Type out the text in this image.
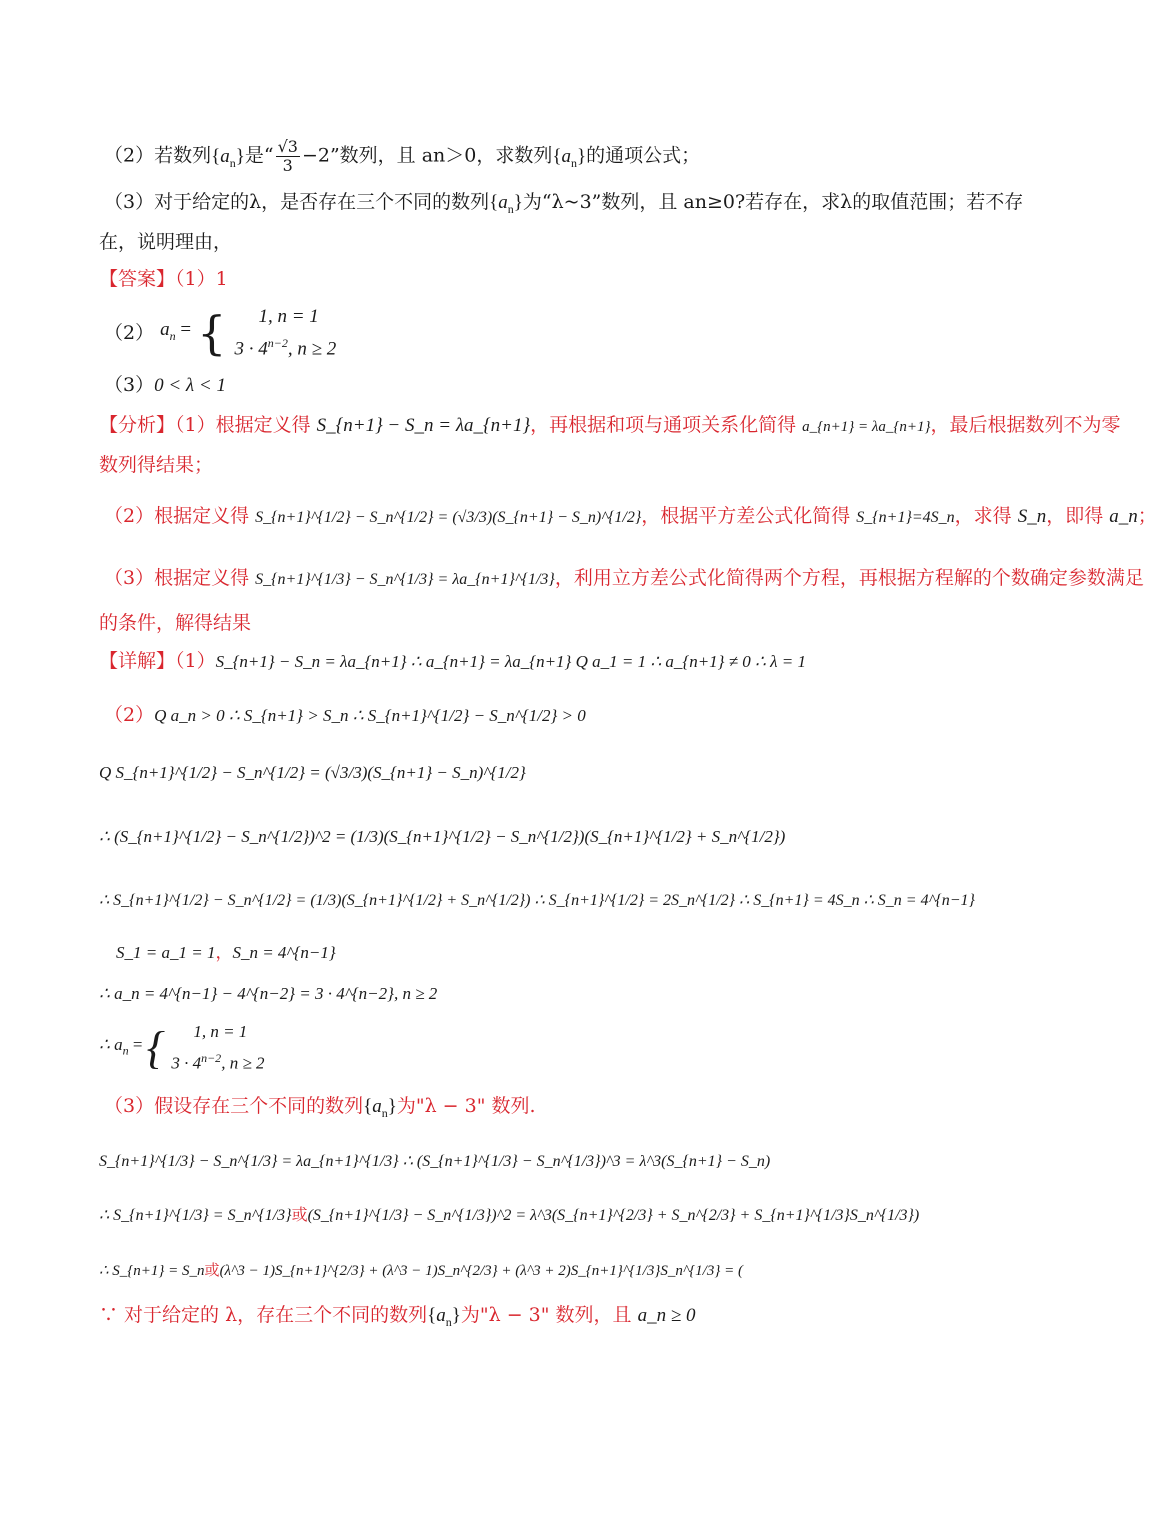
（2）若数列$\{a_n\}$是“ $\frac{√3}{3} -2$”数列，且 an＞0，求数列$\{a_n\}$的通项公式；
（3）对于给定的λ，是否存在三个不同的数列$\{a_n\}$为“λ~3”数列，且 an≥0?若存在，求λ的取值范围；若不存
在，说明理由，
【答案】（1）1
（2） $a_n$ = {	1, n = 1
$3 \cdot 4^{n-2}$, n ≥ 2
（3）0 < λ < 1
【分析】（1）根据定义得 S_{n+1} − S_n = λa_{n+1}，再根据和项与通项关系化简得 a_{n+1} = λa_{n+1}，最后根据数列不为零
数列得结果；
（2）根据定义得 S_{n+1}^{1/2} − S_n^{1/2} = (√3/3)(S_{n+1} − S_n)^{1/2}，根据平方差公式化简得 S_{n+1}=4S_n，求得 S_n，即得 a_n；
（3）根据定义得 S_{n+1}^{1/3} − S_n^{1/3} = λa_{n+1}^{1/3}，利用立方差公式化简得两个方程，再根据方程解的个数确定参数满足
的条件，解得结果
【详解】（1）S_{n+1} − S_n = λa_{n+1} ∴ a_{n+1} = λa_{n+1} Q a_1 = 1 ∴ a_{n+1} ≠ 0 ∴ λ = 1
（2）Q a_n > 0 ∴ S_{n+1} > S_n ∴ S_{n+1}^{1/2} − S_n^{1/2} > 0
Q S_{n+1}^{1/2} − S_n^{1/2} = (√3/3)(S_{n+1} − S_n)^{1/2}
∴ (S_{n+1}^{1/2} − S_n^{1/2})^2 = (1/3)(S_{n+1}^{1/2} − S_n^{1/2})(S_{n+1}^{1/2} + S_n^{1/2})
∴ S_{n+1}^{1/2} − S_n^{1/2} = (1/3)(S_{n+1}^{1/2} + S_n^{1/2}) ∴ S_{n+1}^{1/2} = 2S_n^{1/2} ∴ S_{n+1} = 4S_n ∴ S_n = 4^{n−1}
S_1 = a_1 = 1，S_n = 4^{n−1}
∴ a_n = 4^{n−1} − 4^{n−2} = 3 · 4^{n−2}, n ≥ 2
∴ $a_n$ = {	1, n = 1
$3 \cdot 4^{n-2}$, n ≥ 2
（3）假设存在三个不同的数列$\{a_n\}$为"λ − 3" 数列.
S_{n+1}^{1/3} − S_n^{1/3} = λa_{n+1}^{1/3} ∴ (S_{n+1}^{1/3} − S_n^{1/3})^3 = λ^3(S_{n+1} − S_n)
∴ S_{n+1}^{1/3} = S_n^{1/3}或(S_{n+1}^{1/3} − S_n^{1/3})^2 = λ^3(S_{n+1}^{2/3} + S_n^{2/3} + S_{n+1}^{1/3}S_n^{1/3})
∴ S_{n+1} = S_n或(λ^3 − 1)S_{n+1}^{2/3} + (λ^3 − 1)S_n^{2/3} + (λ^3 + 2)S_{n+1}^{1/3}S_n^{1/3} = (
∵ 对于给定的 λ，存在三个不同的数列$\{a_n\}$为"λ − 3" 数列，且 a_n ≥ 0
